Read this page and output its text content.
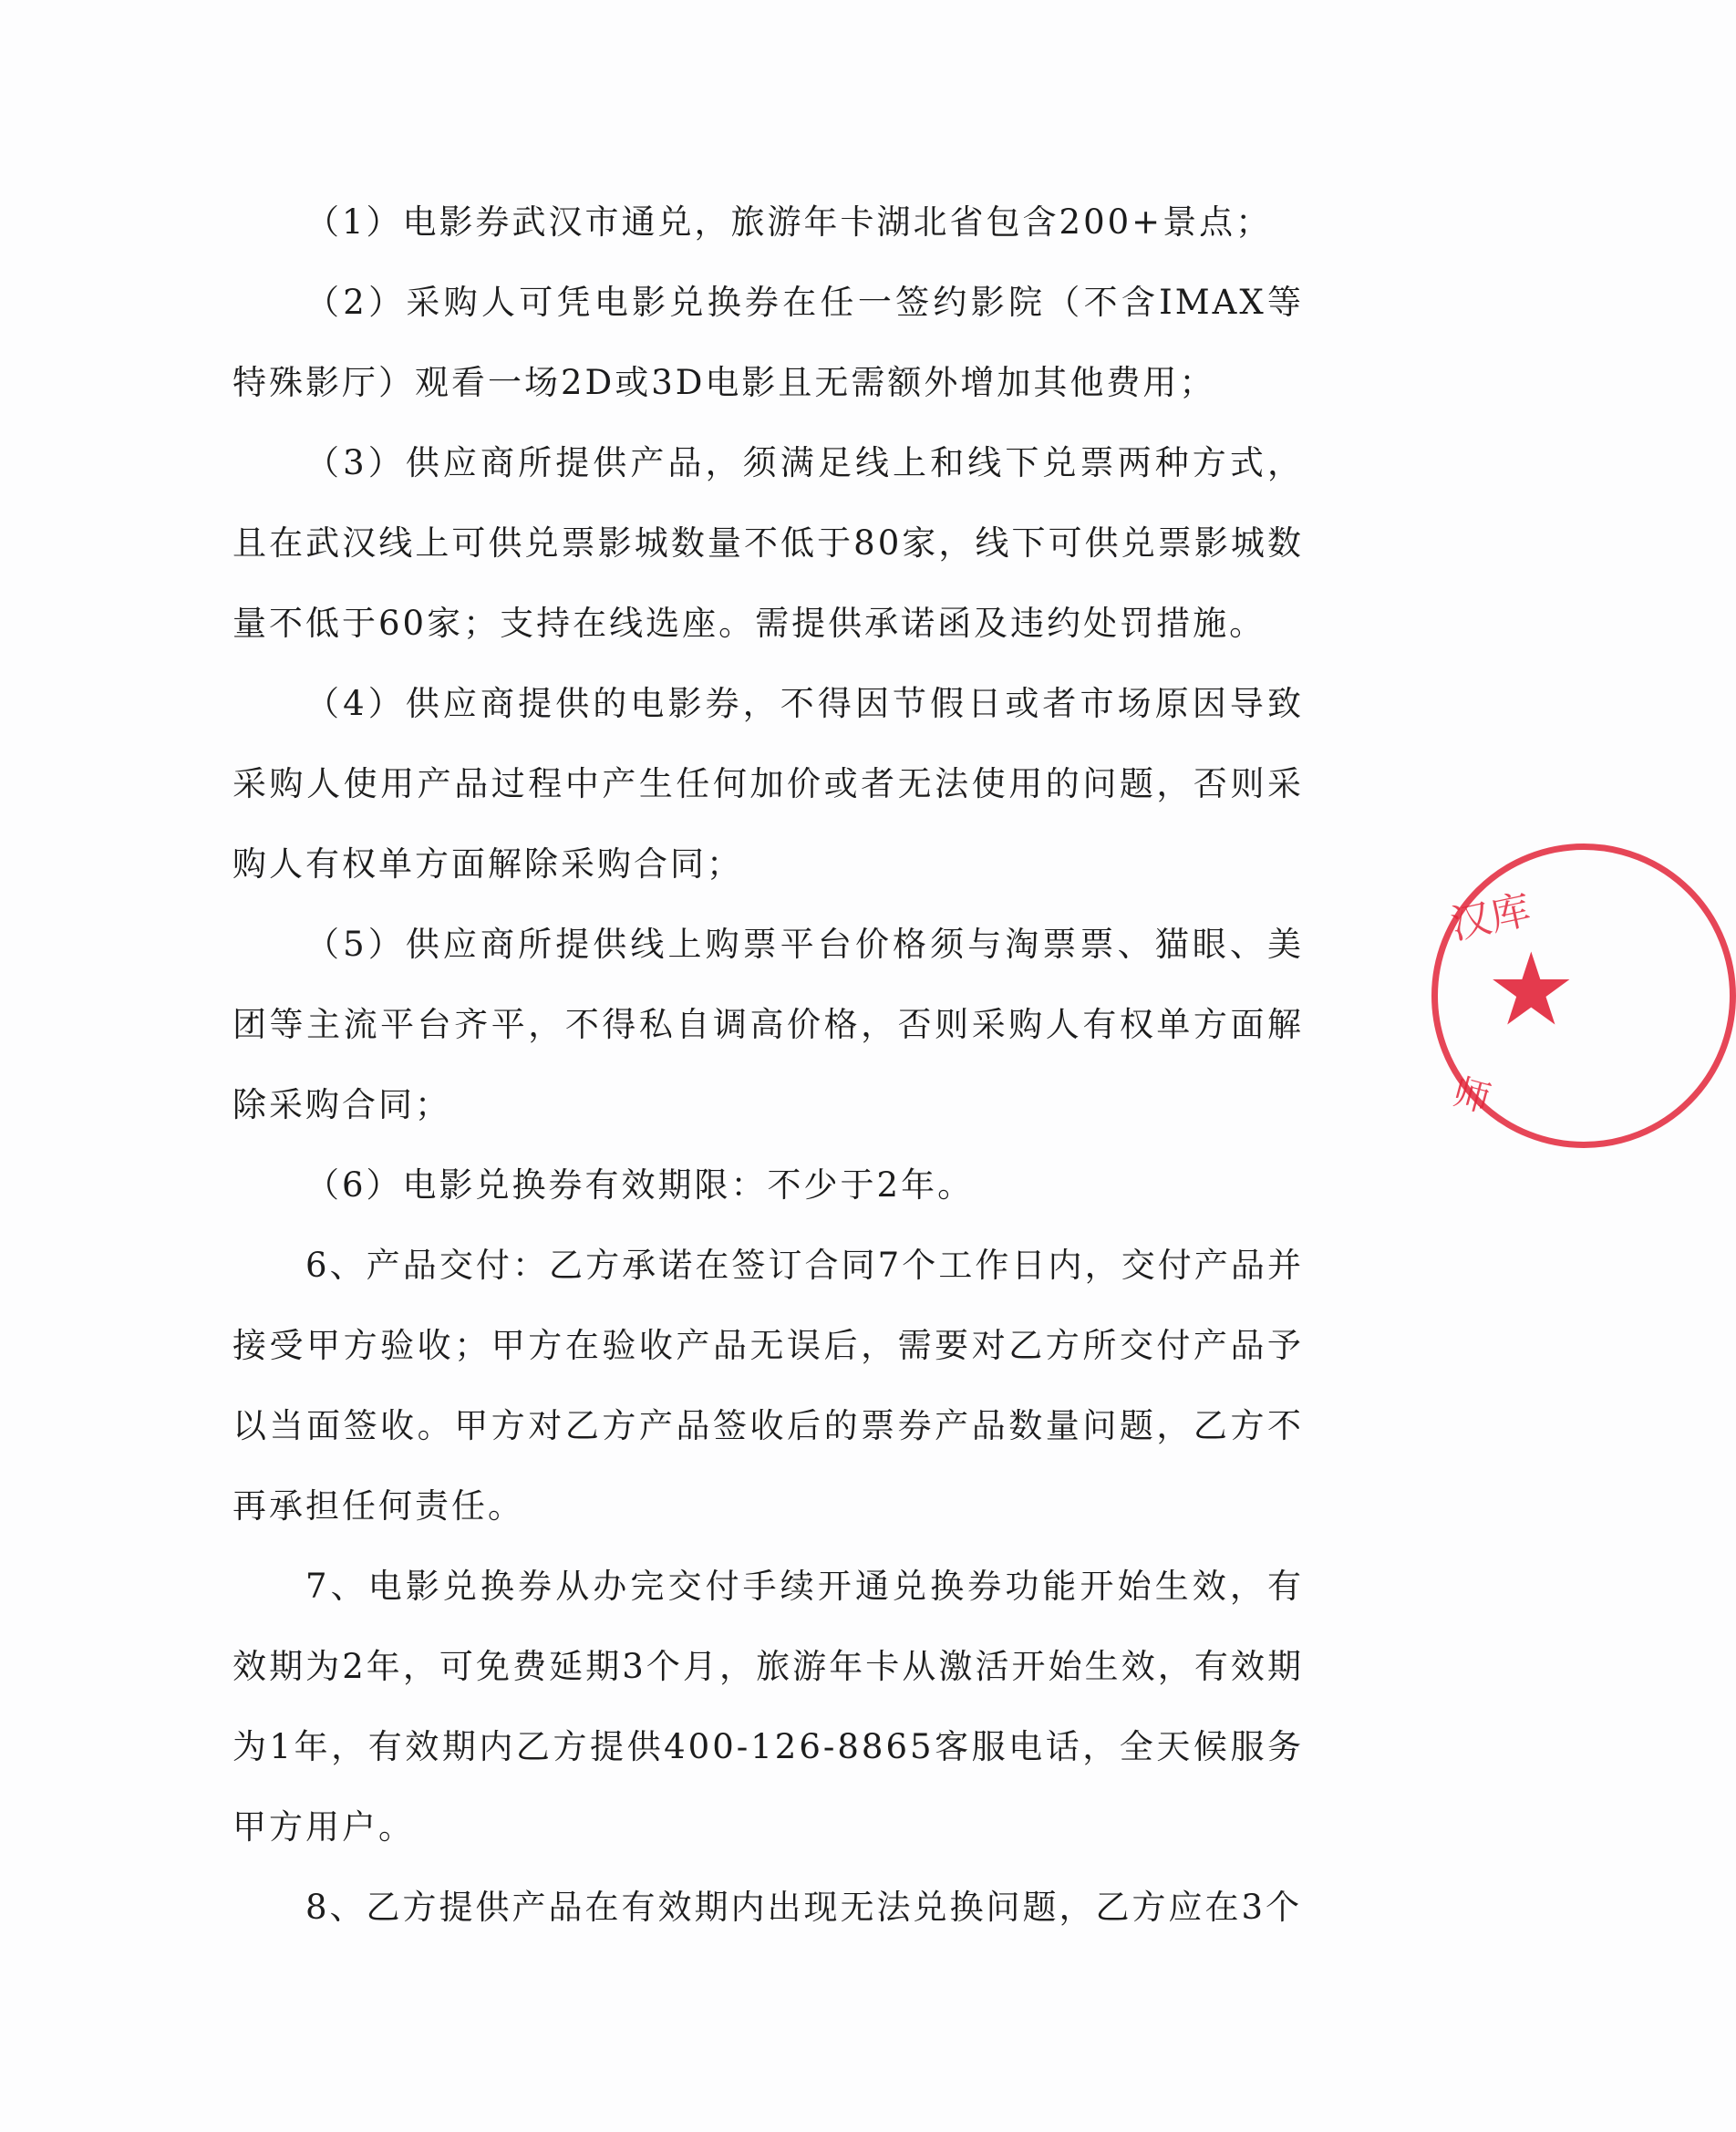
（1）电影券武汉市通兑，旅游年卡湖北省包含200+景点；

（2）采购人可凭电影兑换券在任一签约影院（不含IMAX等特殊影厅）观看一场2D或3D电影且无需额外增加其他费用；

（3）供应商所提供产品，须满足线上和线下兑票两种方式，且在武汉线上可供兑票影城数量不低于80家，线下可供兑票影城数量不低于60家；支持在线选座。需提供承诺函及违约处罚措施。

（4）供应商提供的电影券，不得因节假日或者市场原因导致采购人使用产品过程中产生任何加价或者无法使用的问题，否则采购人有权单方面解除采购合同；

（5）供应商所提供线上购票平台价格须与淘票票、猫眼、美团等主流平台齐平，不得私自调高价格，否则采购人有权单方面解除采购合同；

（6）电影兑换券有效期限：不少于2年。

6、产品交付：乙方承诺在签订合同7个工作日内，交付产品并接受甲方验收；甲方在验收产品无误后，需要对乙方所交付产品予以当面签收。甲方对乙方产品签收后的票券产品数量问题，乙方不再承担任何责任。

7、电影兑换券从办完交付手续开通兑换券功能开始生效，有效期为2年，可免费延期3个月，旅游年卡从激活开始生效，有效期为1年，有效期内乙方提供400-126-8865客服电话，全天候服务甲方用户。

8、乙方提供产品在有效期内出现无法兑换问题，乙方应在3个

汉库
★
师
